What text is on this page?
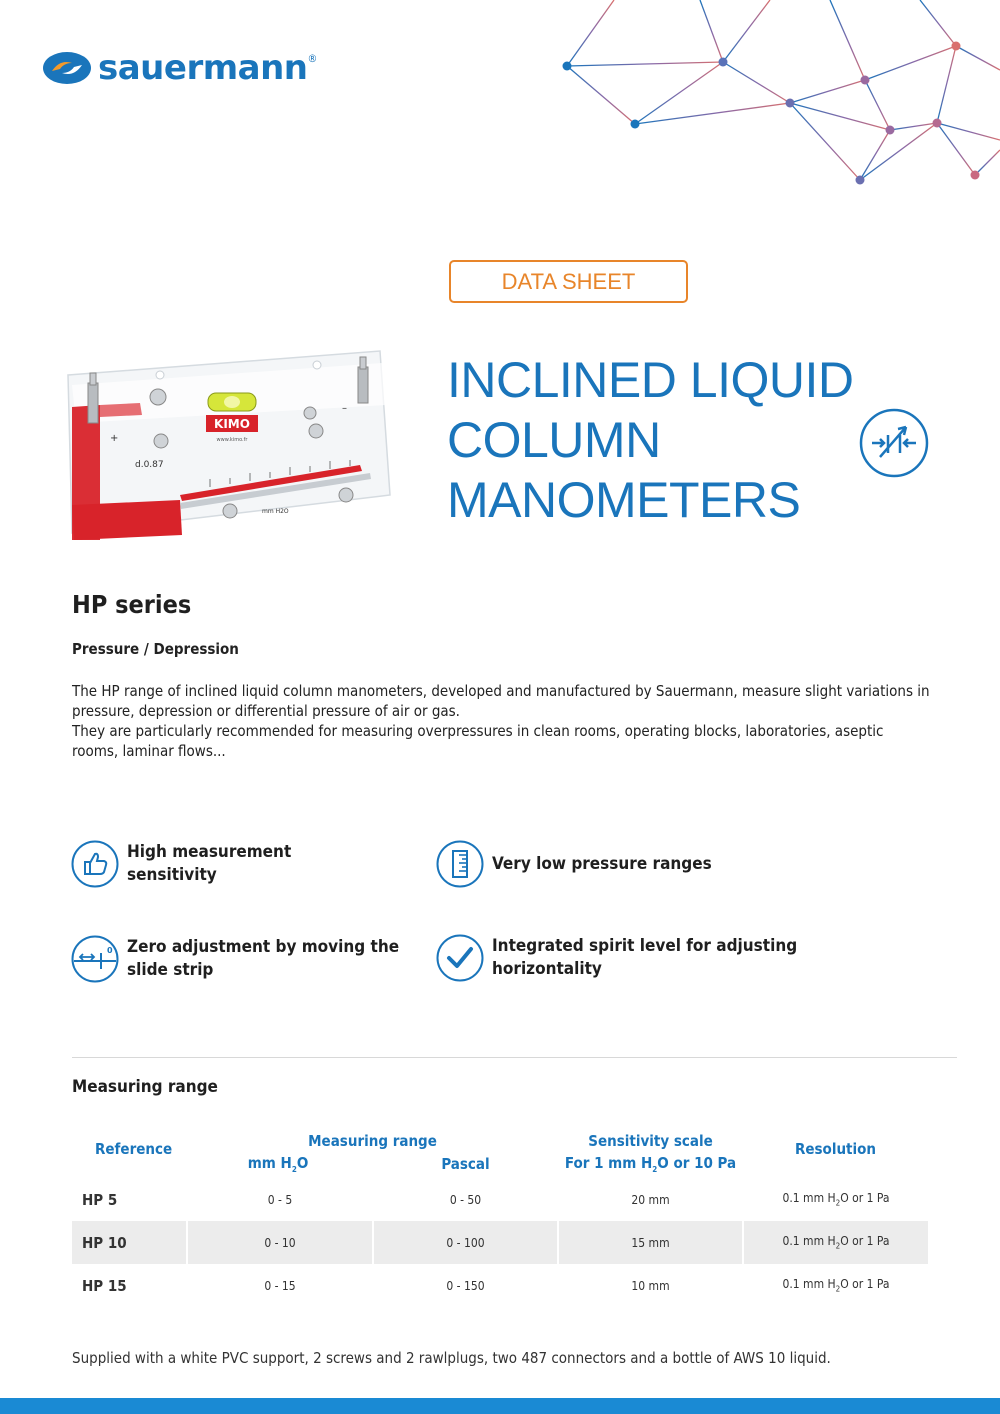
sauermann ®
DATA SHEET
KIMO
www.kimo.fr
d.0.87
mm H2O
+
–
INCLINED LIQUID
COLUMN
MANOMETERS
HP series
Pressure / Depression

The HP range of inclined liquid column manometers, developed and manufactured by Sauermann, measure slight variations in pressure, depression or differential pressure of air or gas.

They are particularly recommended for measuring overpressures in clean rooms, operating blocks, laboratories, aseptic rooms, laminar flows...

High measurement
sensitivity
Very low pressure ranges
0 Zero adjustment by moving the
slide strip
Integrated spirit level for adjusting
horizontality
Measuring range
Reference	Measuring range		Sensitivity scale	Resolution
	mm $H_2O$	Pascal	For 1 mm $H_2O$ or 10 Pa	
HP 5	0 - 5	0 - 50	20 mm	0.1 mm $H_2O$ or 1 Pa
HP 10	0 - 10	0 - 100	15 mm	0.1 mm $H_2O$ or 1 Pa
HP 15	0 - 15	0 - 150	10 mm	0.1 mm $H_2O$ or 1 Pa
Supplied with a white PVC support, 2 screws and 2 rawlplugs, two 487 connectors and a bottle of AWS 10 liquid.
